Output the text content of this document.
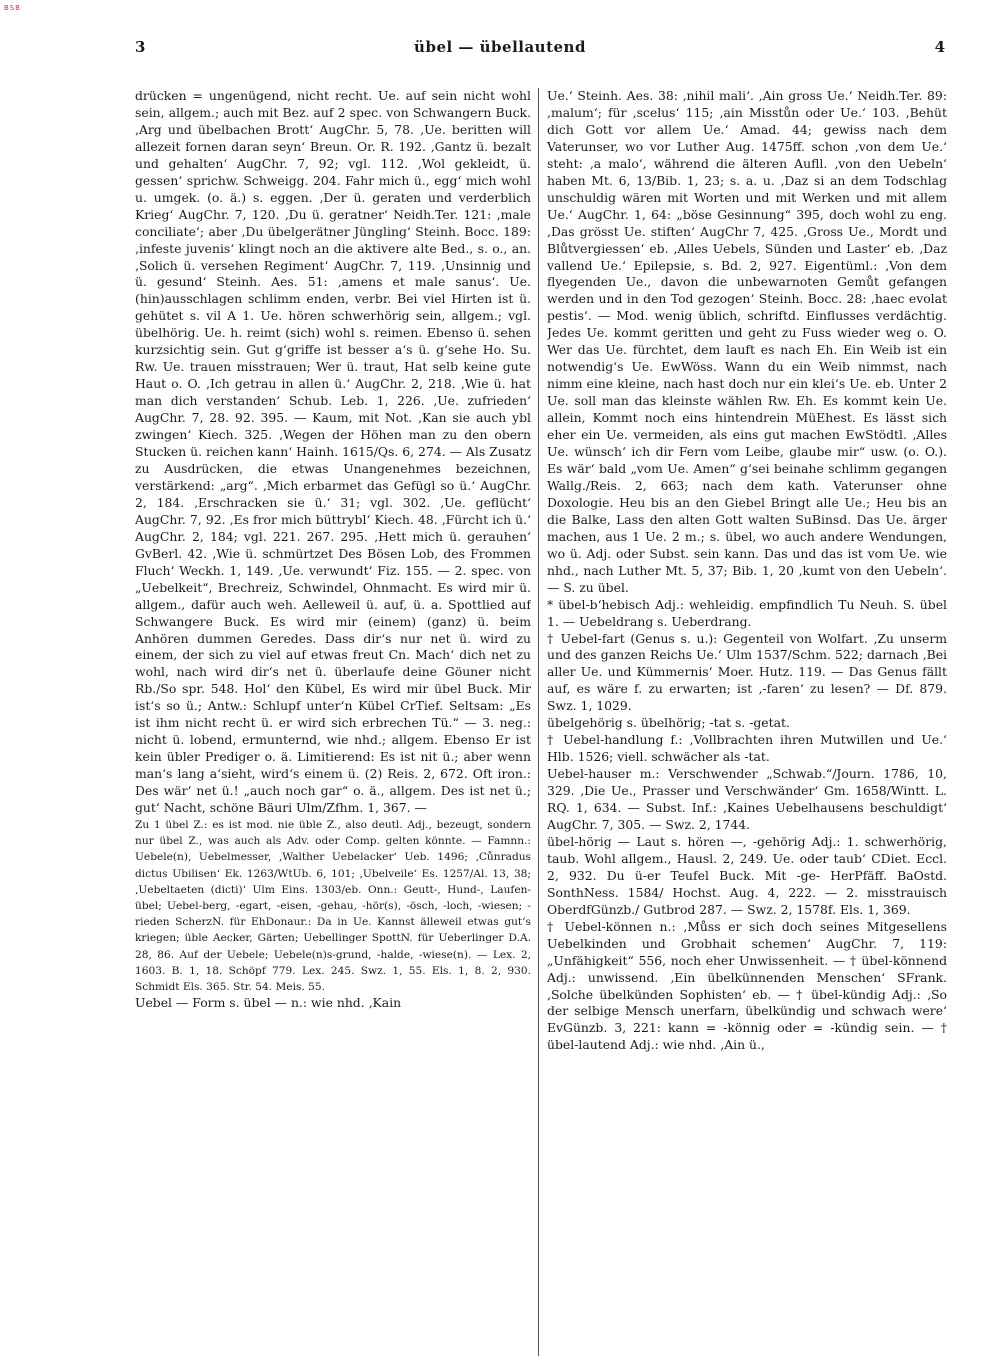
BSB
3	übel — übellautend	4

drücken = ungenügend, nicht recht. Ue. auf sein nicht wohl sein, allgem.; auch mit Bez. auf 2 spec. von Schwangern Buck. ‚Arg und übelbachen Brott‘ AugChr. 5, 78. ‚Ue. beritten will allezeit fornen daran seyn‘ Breun. Or. R. 192. ‚Gantz ü. bezalt und gehalten‘ AugChr. 7, 92; vgl. 112. ‚Wol gekleidt, ü. gessen‘ sprichw. Schweigg. 204. Fahr mich ü., egg‘ mich wohl u. umgek. (o. ä.) s. eggen. ‚Der ü. geraten und verderblich Krieg‘ AugChr. 7, 120. ‚Du ü. geratner‘ Neidh.Ter. 121: ‚male conciliate‘; aber ‚Du übelgerätner Jüngling‘ Steinh. Bocc. 189: ‚infeste juvenis‘ klingt noch an die aktivere alte Bed., s. o., an. ‚Solich ü. versehen Regiment‘ AugChr. 7, 119. ‚Unsinnig und ü. gesund‘ Steinh. Aes. 51: ‚amens et male sanus‘. Ue. (hin)ausschlagen schlimm enden, verbr. Bei viel Hirten ist ü. gehütet s. vil A 1. Ue. hören schwerhörig sein, allgem.; vgl. übelhörig. Ue. h. reimt (sich) wohl s. reimen. Ebenso ü. sehen kurzsichtig sein. Gut g‘griffe ist besser a‘s ü. g‘sehe Ho. Su. Rw. Ue. trauen misstrauen; Wer ü. traut, Hat selb keine gute Haut o. O. ‚Ich getrau in allen ü.‘ AugChr. 2, 218. ‚Wie ü. hat man dich verstanden‘ Schub. Leb. 1, 226. ‚Ue. zufrieden‘ AugChr. 7, 28. 92. 395. — Kaum, mit Not. ‚Kan sie auch ybl zwingen‘ Kiech. 325. ‚Wegen der Höhen man zu den obern Stucken ü. reichen kann‘ Hainh. 1615/Qs. 6, 274. — Als Zusatz zu Ausdrücken, die etwas Unangenehmes bezeichnen, verstärkend: „arg“. ‚Mich erbarmet das Gefügl so ü.‘ AugChr. 2, 184. ‚Erschracken sie ü.‘ 31; vgl. 302. ‚Ue. geflücht‘ AugChr. 7, 92. ‚Es fror mich büttrybl‘ Kiech. 48. ‚Fürcht ich ü.‘ AugChr. 2, 184; vgl. 221. 267. 295. ‚Hett mich ü. gerauhen‘ GvBerl. 42. ‚Wie ü. schmürtzet Des Bösen Lob, des Frommen Fluch‘ Weckh. 1, 149. ‚Ue. verwundt‘ Fiz. 155. — 2. spec. von „Uebelkeit“, Brechreiz, Schwindel, Ohnmacht. Es wird mir ü. allgem., dafür auch weh. Aelleweil ü. auf, ü. a. Spottlied auf Schwangere Buck. Es wird mir (einem) (ganz) ü. beim Anhören dummen Geredes. Dass dir‘s nur net ü. wird zu einem, der sich zu viel auf etwas freut Cn. Mach‘ dich net zu wohl, nach wird dir‘s net ü. überlaufe deine Göuner nicht Rb./So spr. 548. Hol‘ den Kübel, Es wird mir übel Buck. Mir ist‘s so ü.; Antw.: Schlupf unter‘n Kübel CrTief. Seltsam: „Es ist ihm nicht recht ü. er wird sich erbrechen Tü.“ — 3. neg.: nicht ü. lobend, ermunternd, wie nhd.; allgem. Ebenso Er ist kein übler Prediger o. ä. Limitierend: Es ist nit ü.; aber wenn man‘s lang a‘sieht, wird‘s einem ü. (2) Reis. 2, 672. Oft iron.: Des wär‘ net ü.! „auch noch gar“ o. ä., allgem. Des ist net ü.; gut‘ Nacht, schöne Bäuri Ulm/Zfhm. 1, 367. —

Zu 1 übel Z.: es ist mod. nie üble Z., also deutl. Adj., bezeugt, sondern nur übel Z., was auch als Adv. oder Comp. gelten könnte. — Famnn.: Uebele(n), Uebelmesser, ‚Walther Uebelacker‘ Ueb. 1496; ‚Cůnradus dictus Ubilisen‘ Ek. 1263/WtUb. 6, 101; ‚Ubelveile‘ Es. 1257/Al. 13, 38; ‚Uebeltaeten (dicti)‘ Ulm Eins. 1303/eb. Onn.: Geutt-, Hund-, Laufen-übel; Uebel-berg, -egart, -eisen, -gehau, -hör(s), -ösch, -loch, -wiesen; -rieden ScherzN. für EhDonaur.: Da in Ue. Kannst älleweil etwas gut‘s kriegen; üble Aecker, Gärten; Uebellinger SpottN. für Ueberlinger D.A. 28, 86. Auf der Uebele; Uebele(n)s-grund, -halde, -wiese(n). — Lex. 2, 1603. B. 1, 18. Schöpf 779. Lex. 245. Swz. 1, 55. Els. 1, 8. 2, 930. Schmidt Els. 365. Str. 54. Meis. 55.

Uebel — Form s. übel — n.: wie nhd. ‚Kain

Ue.‘ Steinh. Aes. 38: ‚nihil mali‘. ‚Ain gross Ue.‘ Neidh.Ter. 89: ‚malum‘; für ‚scelus‘ 115; ‚ain Misstůn oder Ue.‘ 103. ‚Behüt dich Gott vor allem Ue.‘ Amad. 44; gewiss nach dem Vaterunser, wo vor Luther Aug. 1475ff. schon ‚von dem Ue.‘ steht: ‚a malo‘, während die älteren Aufll. ‚von den Uebeln‘ haben Mt. 6, 13/Bib. 1, 23; s. a. u. ‚Daz si an dem Todschlag unschuldig wären mit Worten und mit Werken und mit allem Ue.‘ AugChr. 1, 64: „böse Gesinnung“ 395, doch wohl zu eng. ‚Das grösst Ue. stiften‘ AugChr 7, 425. ‚Gross Ue., Mordt und Blůtvergiessen‘ eb. ‚Alles Uebels, Sünden und Laster‘ eb. ‚Daz vallend Ue.‘ Epilepsie, s. Bd. 2, 927. Eigentüml.: ‚Von dem flyegenden Ue., davon die unbewarnoten Gemůt gefangen werden und in den Tod gezogen‘ Steinh. Bocc. 28: ‚haec evolat pestis‘. — Mod. wenig üblich, schriftd. Einflusses verdächtig. Jedes Ue. kommt geritten und geht zu Fuss wieder weg o. O. Wer das Ue. fürchtet, dem lauft es nach Eh. Ein Weib ist ein notwendig‘s Ue. EwWöss. Wann du ein Weib nimmst, nach nimm eine kleine, nach hast doch nur ein klei‘s Ue. eb. Unter 2 Ue. soll man das kleinste wählen Rw. Eh. Es kommt kein Ue. allein, Kommt noch eins hintendrein MüEhest. Es lässt sich eher ein Ue. vermeiden, als eins gut machen EwStödtl. ‚Alles Ue. wünsch‘ ich dir Fern vom Leibe, glaube mir“ usw. (o. O.). Es wär‘ bald „vom Ue. Amen“ g‘sei beinahe schlimm gegangen Wallg./Reis. 2, 663; nach dem kath. Vaterunser ohne Doxologie. Heu bis an den Giebel Bringt alle Ue.; Heu bis an die Balke, Lass den alten Gott walten SuBinsd. Das Ue. ärger machen, aus 1 Ue. 2 m.; s. übel, wo auch andere Wendungen, wo ü. Adj. oder Subst. sein kann. Das und das ist vom Ue. wie nhd., nach Luther Mt. 5, 37; Bib. 1, 20 ‚kumt von den Uebeln‘. — S. zu übel.

* übel-b‘hebisch Adj.: wehleidig. empfindlich Tu Neuh. S. übel 1. — Uebeldrang s. Ueberdrang.

† Uebel-fart (Genus s. u.): Gegenteil von Wolfart. ‚Zu unserm und des ganzen Reichs Ue.‘ Ulm 1537/Schm. 522; darnach ‚Bei aller Ue. und Kümmernis‘ Moer. Hutz. 119. — Das Genus fällt auf, es wäre f. zu erwarten; ist ‚-faren‘ zu lesen? — Df. 879. Swz. 1, 1029.

übelgehörig s. übelhörig; -tat s. -getat.

† Uebel-handlung f.: ‚Vollbrachten ihren Mutwillen und Ue.‘ Hlb. 1526; viell. schwächer als -tat.

Uebel-hauser m.: Verschwender „Schwab.“/Journ. 1786, 10, 329. ‚Die Ue., Prasser und Verschwänder‘ Gm. 1658/Wintt. L. RQ. 1, 634. — Subst. Inf.: ‚Kaines Uebelhausens beschuldigt‘ AugChr. 7, 305. — Swz. 2, 1744.

übel-hörig — Laut s. hören —, -gehörig Adj.: 1. schwerhörig, taub. Wohl allgem., Hausl. 2, 249. Ue. oder taub‘ CDiet. Eccl. 2, 932. Du ü-er Teufel Buck. Mit -ge- HerPfäff. BaOstd. SonthNess. 1584/ Hochst. Aug. 4, 222. — 2. misstrauisch OberdfGünzb./ Gutbrod 287. — Swz. 2, 1578f. Els. 1, 369.

† Uebel-können n.: ‚Můss er sich doch seines Mitgesellens Uebelkinden und Grobhait schemen‘ AugChr. 7, 119: „Unfähigkeit“ 556, noch eher Unwissenheit. — † übel-könnend Adj.: unwissend. ‚Ein übelkünnenden Menschen‘ SFrank. ‚Solche übelkünden Sophisten‘ eb. — † übel-kündig Adj.: ‚So der selbige Mensch unerfarn, übelkündig und schwach were‘ EvGünzb. 3, 221: kann = -könnig oder = -kündig sein. — † übel-lautend Adj.: wie nhd. ‚Ain ü.,
